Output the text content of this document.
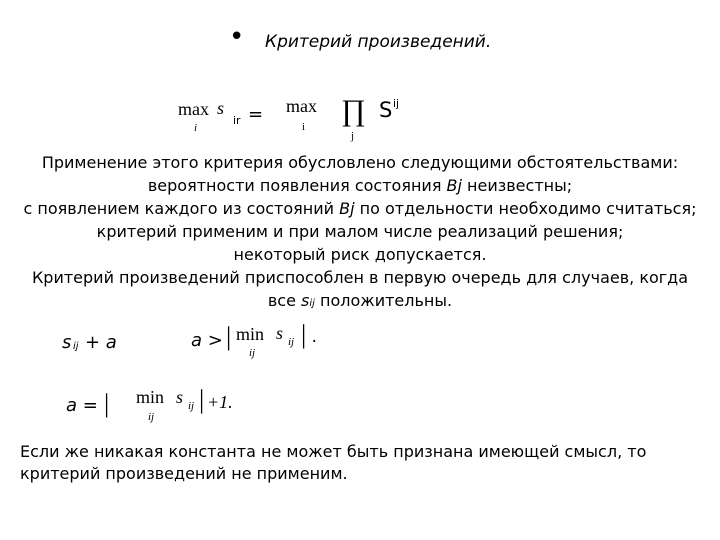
• Критерий произведений.
max s
i
ir = max
i ∏
j
S ij
Применение этого критерия обусловлено следующими обстоятельствами:
вероятности появления состояния Bj неизвестны;
с появлением каждого из состояний Bj по отдельности необходимо считаться;
критерий применим и при малом числе реализаций решения;
некоторый риск допускается.
Критерий произведений приспособлен в первую очередь для случаев, когда
все sij положительны.
s ij + a	a > | min s
ij
ij | .
a = | min s
ij
ij | +1.
Если же никакая константа не может быть признана имеющей смысл, то критерий произведений не применим.
